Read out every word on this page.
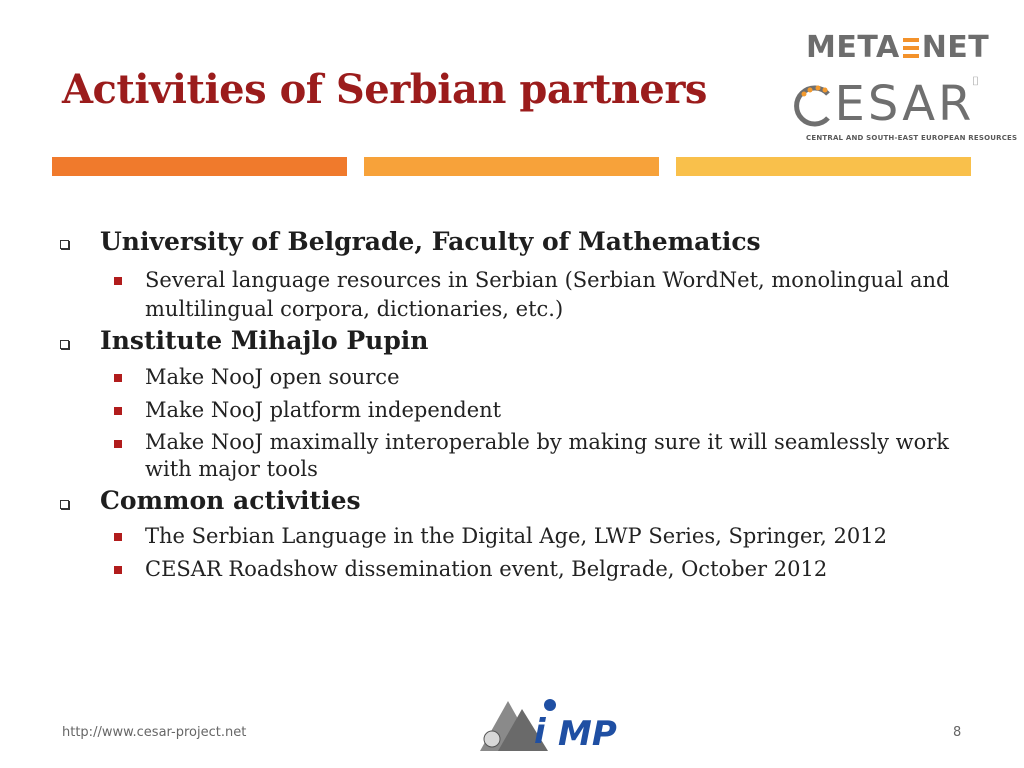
Activities of Serbian partners
META NET
ESAR
CENTRAL AND SOUTH-EAST EUROPEAN RESOURCES
⌷
University of Belgrade, Faculty of Mathematics
Several language resources in Serbian (Serbian WordNet, monolingual and multilingual corpora, dictionaries, etc.)
Institute Mihajlo Pupin
Make NooJ open source
Make NooJ platform independent
Make NooJ maximally interoperable by making sure it will seamlessly work with major tools
Common activities
The Serbian Language in the Digital Age, LWP Series, Springer, 2012
CESAR Roadshow dissemination event, Belgrade, October 2012
http://www.cesar-project.net	i MP	8
